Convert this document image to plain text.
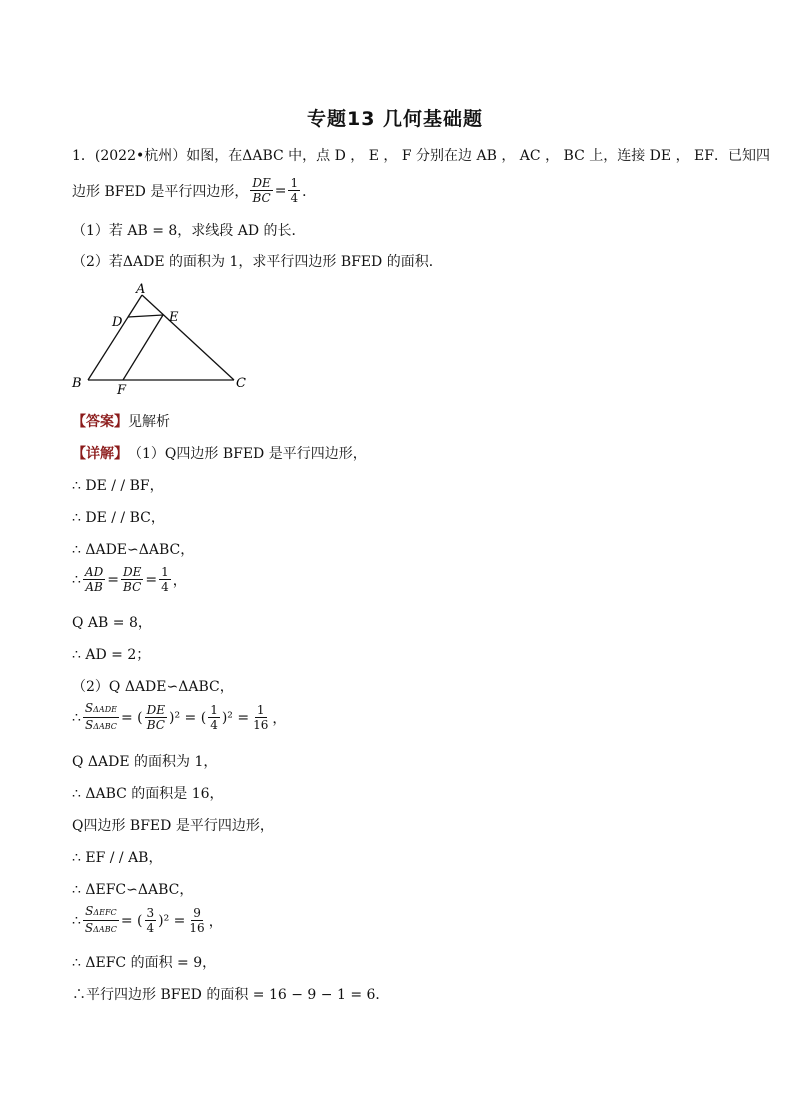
专题13 几何基础题
1．(2022•杭州）如图，在ΔABC 中，点 D ， E ， F 分别在边 AB ， AC ， BC 上，连接 DE ， EF．已知四
边形 BFED 是平行四边形， $\frac{DE}{BC} = \frac{1}{4}$ ．
（1）若 AB = 8，求线段 AD 的长．
（2）若ΔADE 的面积为 1，求平行四边形 BFED 的面积．
A
D	E
B	F	C
【答案】 见解析
【详解】 （1）Q四边形 BFED 是平行四边形，
∴ DE / / BF，
∴ DE / / BC，
∴ ΔADE∽ΔABC，
∴ $\frac{AD}{AB} = \frac{DE}{BC} = \frac{1}{4}$ ，
Q AB = 8，
∴ AD = 2；
（2）Q ΔADE∽ΔABC，
∴ $\frac{\text{SΔADE}}{\text{SΔABC}}$ = ( $\frac{DE}{BC} )^2$ = ( $\frac{1}{4} )^2 = \frac{1}{16}$ ，
Q ΔADE 的面积为 1，
∴ ΔABC 的面积是 16，
Q四边形 BFED 是平行四边形，
∴ EF / / AB，
∴ ΔEFC∽ΔABC，
∴ $\frac{\text{SΔEFC}}{\text{SΔABC}}$ = ( $\frac{3}{4} )^2 = \frac{9}{16}$ ，
∴ ΔEFC 的面积 = 9，
∴平行四边形 BFED 的面积 = 16 − 9 − 1 = 6．
